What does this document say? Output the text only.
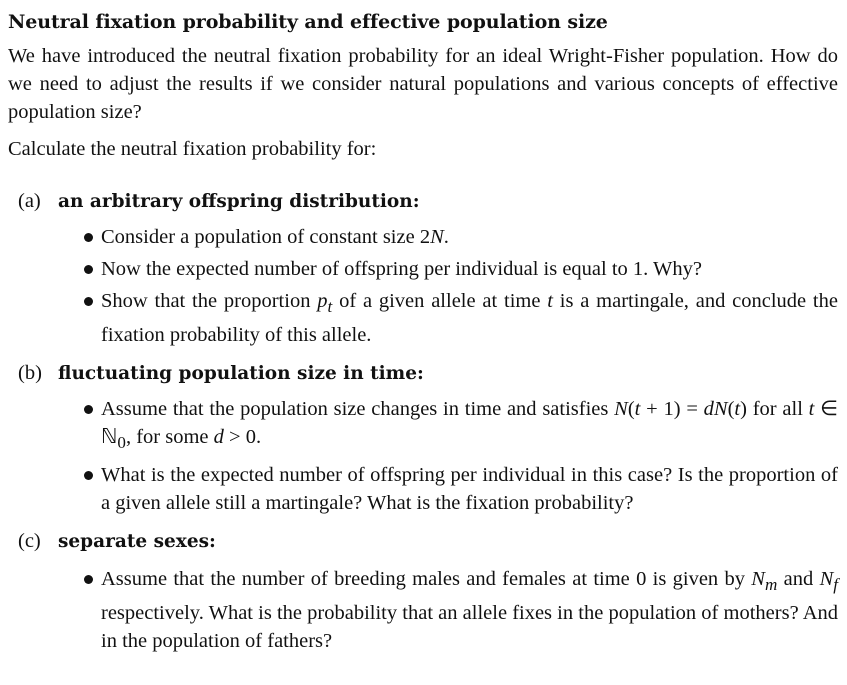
Neutral fixation probability and effective population size

We have introduced the neutral fixation probability for an ideal Wright-Fisher population. How do we need to adjust the results if we consider natural populations and various concepts of effective population size?

Calculate the neutral fixation probability for:

(a) an arbitrary offspring distribution:
Consider a population of constant size 2N.
Now the expected number of offspring per individual is equal to 1. Why?
Show that the proportion $p_t$ of a given allele at time t is a martingale, and conclude the fixation probability of this allele.
(b) fluctuating population size in time:
Assume that the population size changes in time and satisfies N(t + 1) = dN(t) for all t ∈ ℕ$_0$, for some d > 0.
What is the expected number of offspring per individual in this case? Is the proportion of a given allele still a martingale? What is the fixation probability?
(c) separate sexes:
Assume that the number of breeding males and females at time 0 is given by $N_m$ and $N_f$ respectively. What is the probability that an allele fixes in the population of mothers? And in the population of fathers?
